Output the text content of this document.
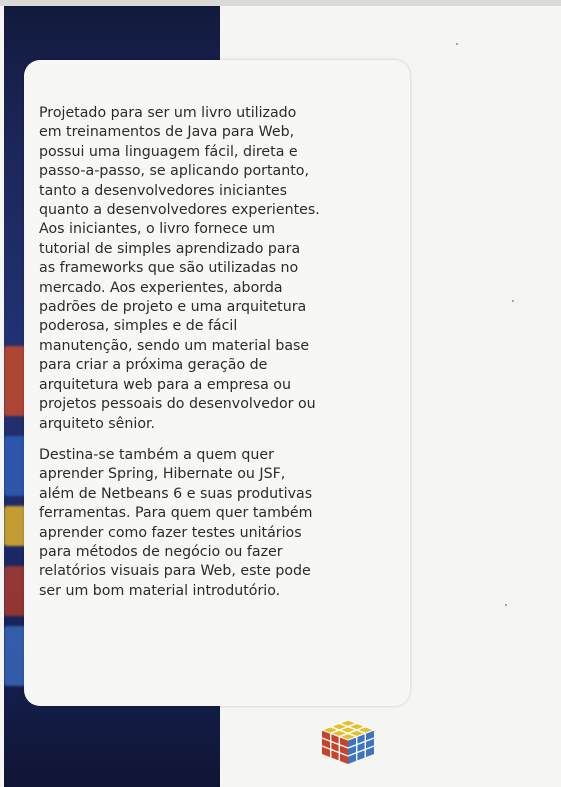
Projetado para ser um livro utilizado
em treinamentos de Java para Web,
possui uma linguagem fácil, direta e
passo-a-passo, se aplicando portanto,
tanto a desenvolvedores iniciantes
quanto a desenvolvedores experientes.
Aos iniciantes, o livro fornece um
tutorial de simples aprendizado para
as frameworks que são utilizadas no
mercado. Aos experientes, aborda
padrões de projeto e uma arquitetura
poderosa, simples e de fácil
manutenção, sendo um material base
para criar a próxima geração de
arquitetura web para a empresa ou
projetos pessoais do desenvolvedor ou
arquiteto sênior.

Destina-se também a quem quer
aprender Spring, Hibernate ou JSF,
além de Netbeans 6 e suas produtivas
ferramentas. Para quem quer também
aprender como fazer testes unitários
para métodos de negócio ou fazer
relatórios visuais para Web, este pode
ser um bom material introdutório.
